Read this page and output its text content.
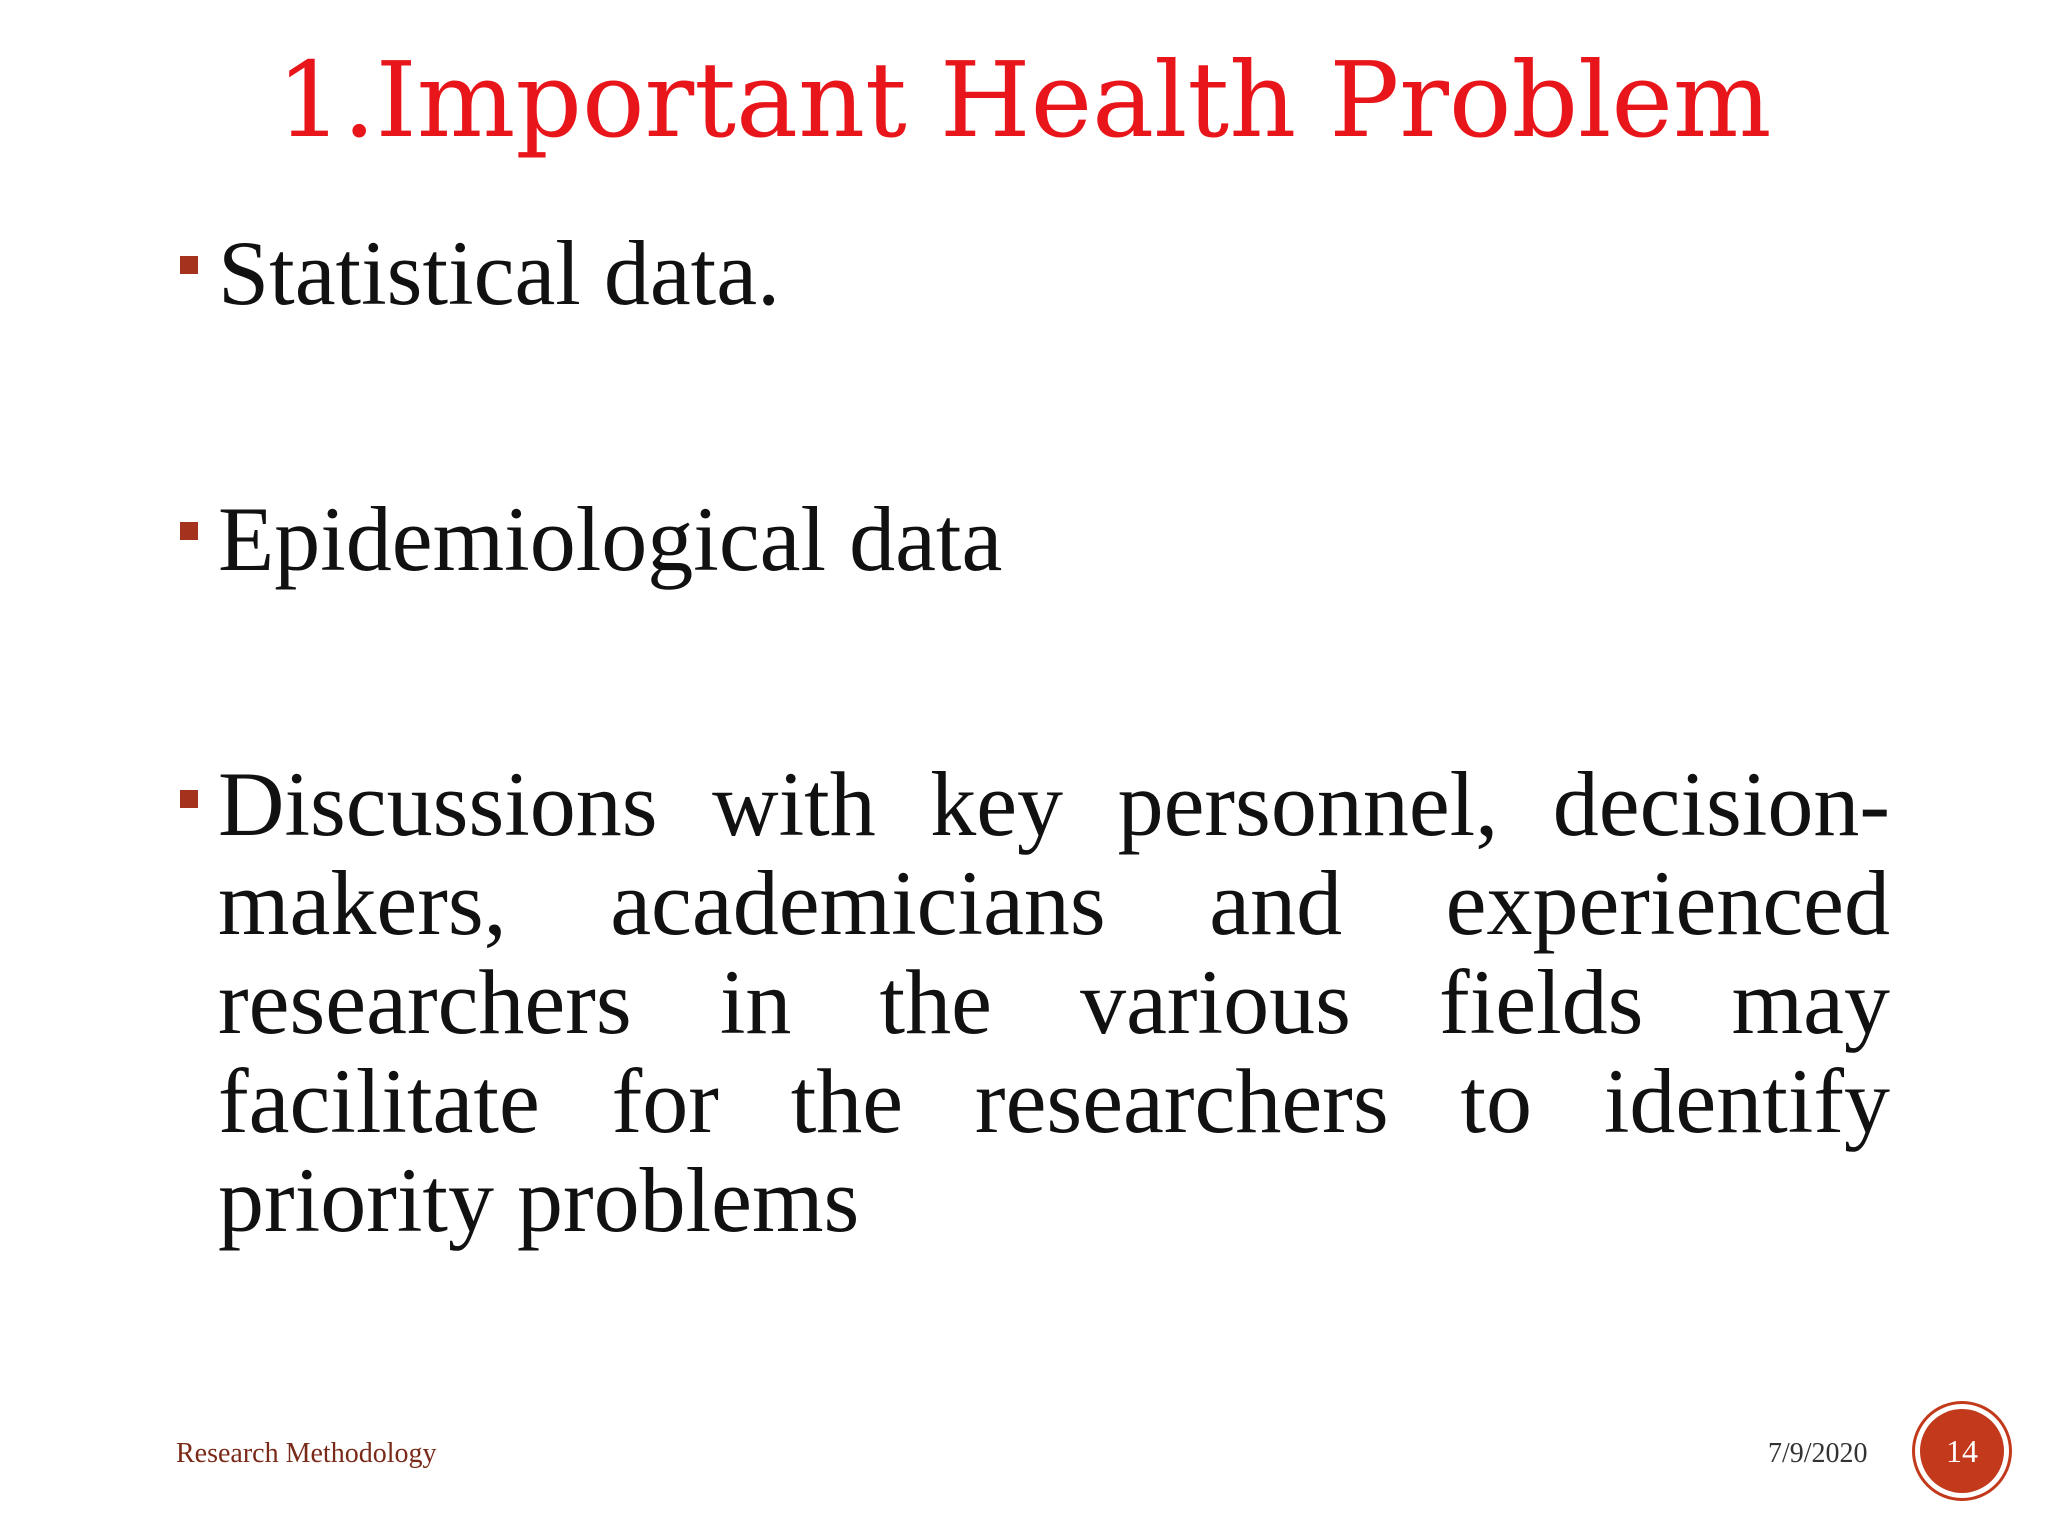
1.Important Health Problem
Statistical data.
Epidemiological data
Discussions with key personnel, decision-makers, academicians and experienced researchers in the various fields may facilitate for the researchers to identify priority problems
Research Methodology	7/9/2020	14
